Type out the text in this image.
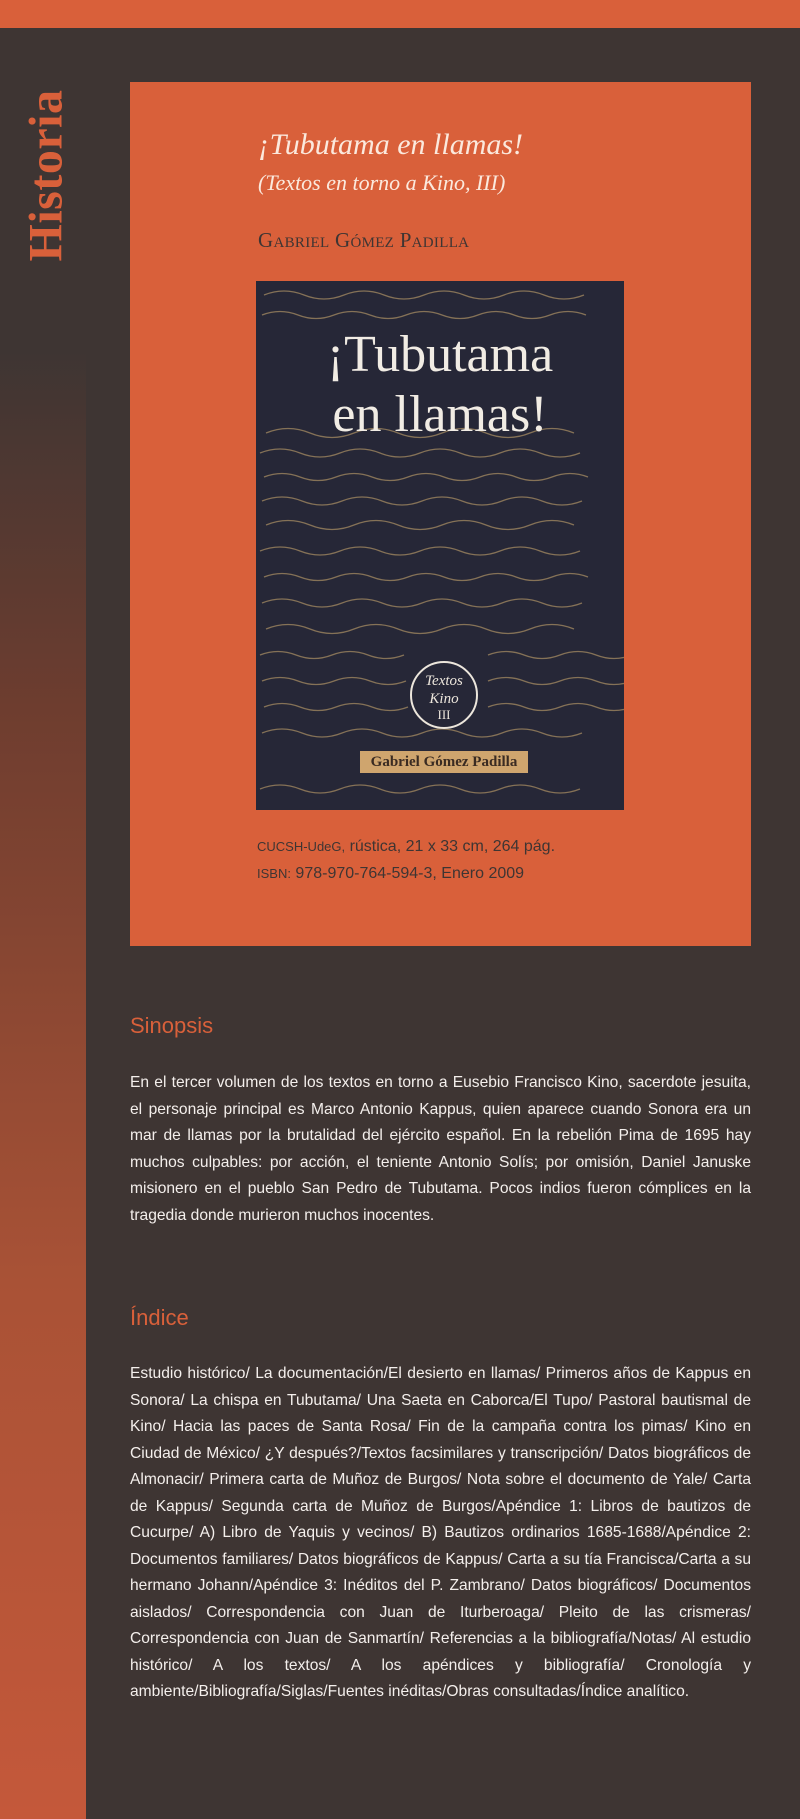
Historia	¡Tubutama en llamas!
(Textos en torno a Kino, III)
Gabriel Gómez Padilla
¡Tubutama
en llamas!
Textos
Kino
III
Gabriel Gómez Padilla
CUCSH-UdeG, rústica, 21 x 33 cm, 264 pág.
ISBN: 978-970-764-594-3, Enero 2009
Sinopsis

En el tercer volumen de los textos en torno a Eusebio Francisco Kino, sacerdote jesuita, el personaje principal es Marco Antonio Kappus, quien aparece cuando Sonora era un mar de llamas por la brutalidad del ejército español. En la rebelión Pima de 1695 hay muchos culpables: por acción, el teniente Antonio Solís; por omisión, Daniel Januske misionero en el pueblo San Pedro de Tubutama. Pocos indios fueron cómplices en la tragedia donde murieron muchos inocentes.

Índice

Estudio histórico/ La documentación/El desierto en llamas/ Primeros años de Kappus en Sonora/ La chispa en Tubutama/ Una Saeta en Caborca/El Tupo/ Pastoral bautismal de Kino/ Hacia las paces de Santa Rosa/ Fin de la campaña contra los pimas/ Kino en Ciudad de México/ ¿Y después?/Textos facsimilares y transcripción/ Datos biográficos de Almonacir/ Primera carta de Muñoz de Burgos/ Nota sobre el documento de Yale/ Carta de Kappus/ Segunda carta de Muñoz de Burgos/Apéndice 1: Libros de bautizos de Cucurpe/ A) Libro de Yaquis y vecinos/ B) Bautizos ordinarios 1685-1688/Apéndice 2: Documentos familiares/ Datos biográficos de Kappus/ Carta a su tía Francisca/Carta a su hermano Johann/Apéndice 3: Inéditos del P. Zambrano/ Datos biográficos/ Documentos aislados/ Correspondencia con Juan de Iturberoaga/ Pleito de las crismeras/ Correspondencia con Juan de Sanmartín/ Referencias a la bibliografía/Notas/ Al estudio histórico/ A los textos/ A los apéndices y bibliografía/ Cronología y ambiente/Bibliografía/Siglas/Fuentes inéditas/Obras consultadas/Índice analítico.
